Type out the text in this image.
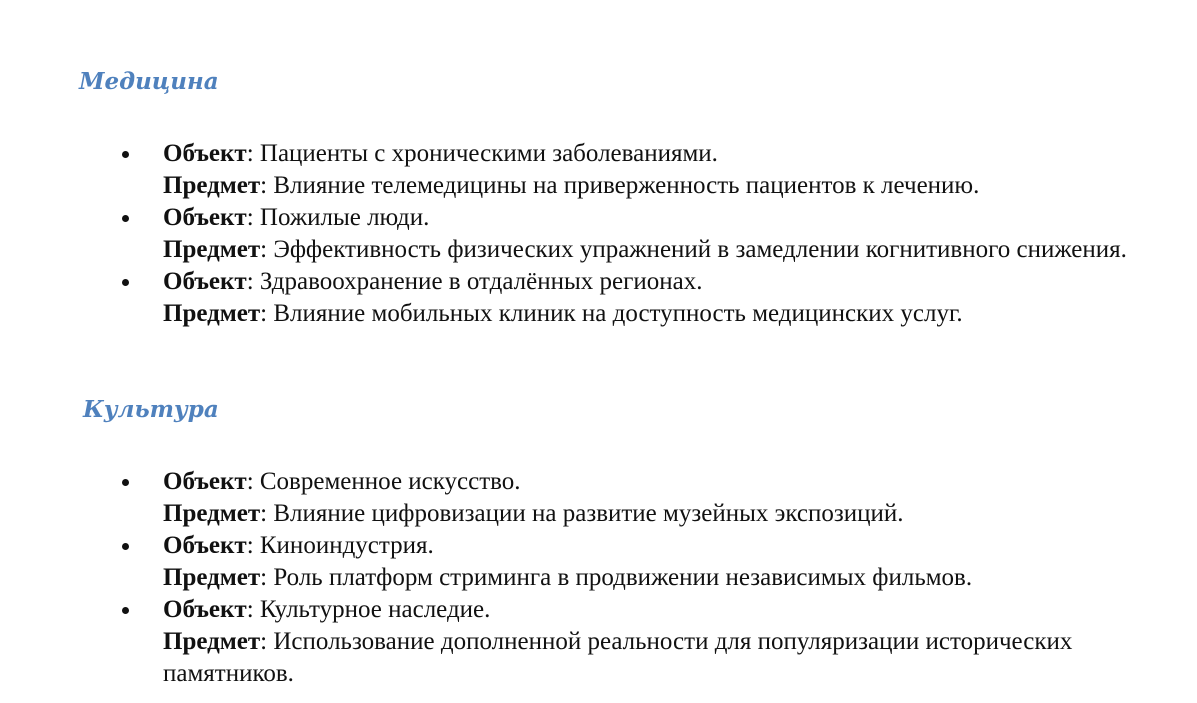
Медицина
Объект: Пациенты с хроническими заболеваниями.
Предмет: Влияние телемедицины на приверженность пациентов к лечению.
Объект: Пожилые люди.
Предмет: Эффективность физических упражнений в замедлении когнитивного снижения.
Объект: Здравоохранение в отдалённых регионах.
Предмет: Влияние мобильных клиник на доступность медицинских услуг.
Культура
Объект: Современное искусство.
Предмет: Влияние цифровизации на развитие музейных экспозиций.
Объект: Киноиндустрия.
Предмет: Роль платформ стриминга в продвижении независимых фильмов.
Объект: Культурное наследие.
Предмет: Использование дополненной реальности для популяризации исторических памятников.
